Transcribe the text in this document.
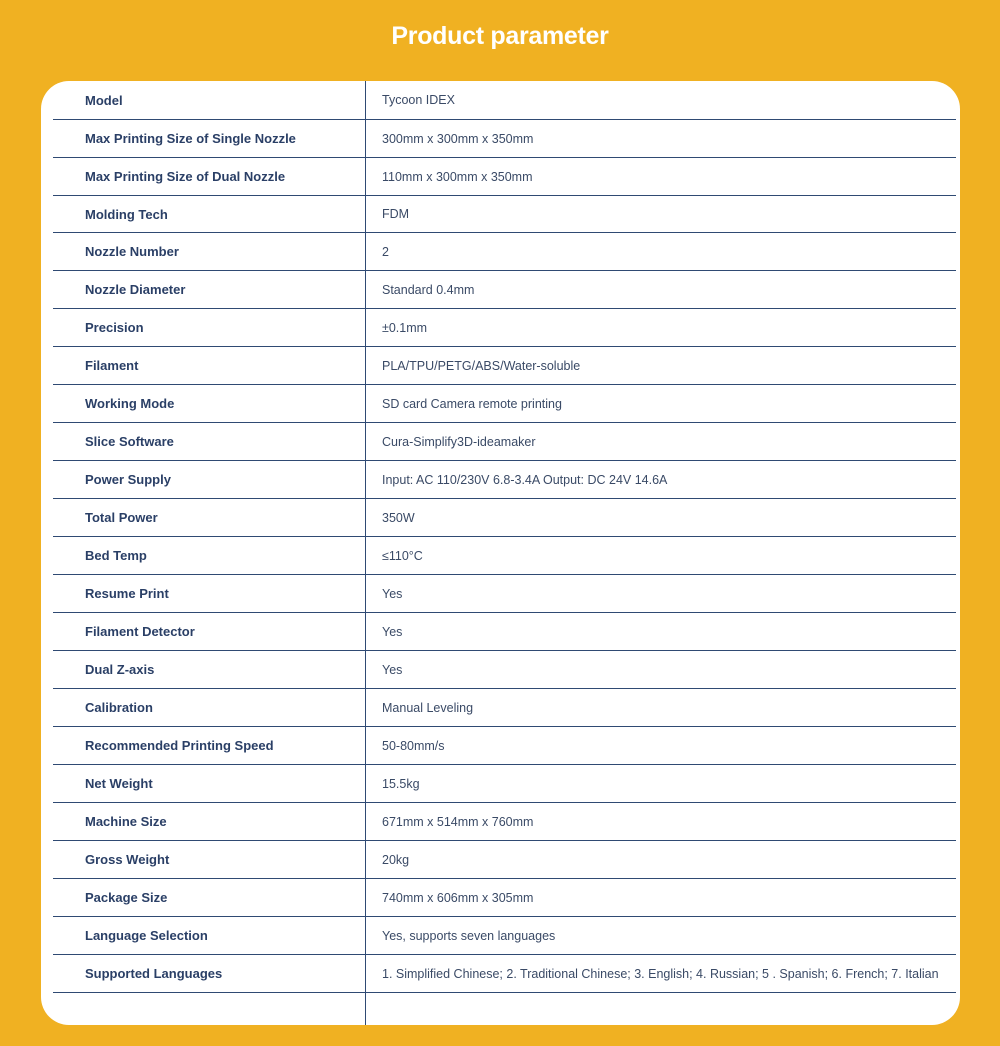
Product parameter
Model	Tycoon IDEX
Max Printing Size of Single Nozzle	300mm x 300mm x 350mm
Max Printing Size of Dual Nozzle	110mm x 300mm x 350mm
Molding Tech	FDM
Nozzle Number	2
Nozzle Diameter	Standard 0.4mm
Precision	±0.1mm
Filament	PLA/TPU/PETG/ABS/Water-soluble
Working Mode	SD card Camera remote printing
Slice Software	Cura-Simplify3D-ideamaker
Power Supply	Input: AC 110/230V 6.8-3.4A Output: DC 24V 14.6A
Total Power	350W
Bed Temp	≤110°C
Resume Print	Yes
Filament Detector	Yes
Dual Z-axis	Yes
Calibration	Manual Leveling
Recommended Printing Speed	50-80mm/s
Net Weight	15.5kg
Machine Size	671mm x 514mm x 760mm
Gross Weight	20kg
Package Size	740mm x 606mm x 305mm
Language Selection	Yes, supports seven languages
Supported Languages	1. Simplified Chinese; 2. Traditional Chinese; 3. English; 4. Russian; 5 . Spanish; 6. French; 7. Italian
